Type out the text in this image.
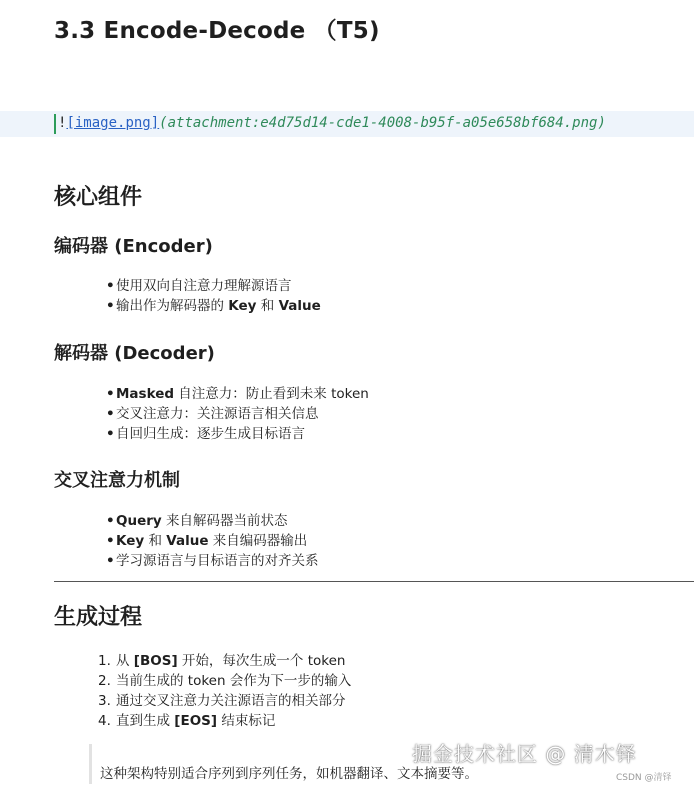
3.3 Encode-Decode （T5)
![image.png](attachment:e4d75d14-cde1-4008-b95f-a05e658bf684.png)
核心组件
编码器 (Encoder)
• 使用双向自注意力理解源语言
• 输出作为解码器的 Key 和 Value
解码器 (Decoder)
• Masked 自注意力：防止看到未来 token
• 交叉注意力：关注源语言相关信息
• 自回归生成：逐步生成目标语言
交叉注意力机制
• Query 来自解码器当前状态
• Key 和 Value 来自编码器输出
• 学习源语言与目标语言的对齐关系
生成过程
1. 从 [BOS] 开始，每次生成一个 token
2. 当前生成的 token 会作为下一步的输入
3. 通过交叉注意力关注源语言的相关部分
4. 直到生成 [EOS] 结束标记
这种架构特别适合序列到序列任务，如机器翻译、文本摘要等。
掘金技术社区 @ 清木铎
CSDN @清铎
